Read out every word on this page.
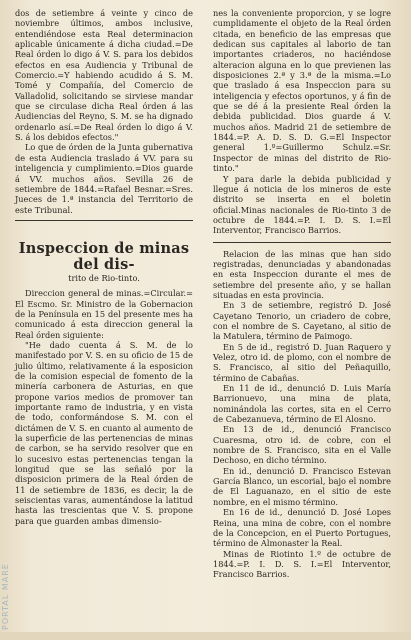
dos de setiembre á veinte y cinco de noviembre últimos, ambos inclusive, entendiéndose esta Real determinacion aplicable únicamente á dicha ciudad.=De Real órden lo digo á V. S. para los debidos efectos en esa Audiencia y Tribunal de Comercio.=Y habiendo acudido á S. M. Tomé y Compañía, del Comercio de Valladolid, solicitando se sirviese mandar que se circulase dicha Real órden á las Audiencias del Reyno, S. M. se ha dignado ordenarlo así.=De Real órden lo digo á V. S. á los debidos efectos."

Lo que de órden de la Junta gubernativa de esta Audiencia traslado á VV. para su inteligencia y cumplimiento.=Dios guarde á VV. muchos años. Sevilla 26 de setiembre de 1844.=Rafael Besnar.=Sres. Jueces de 1.ª instancia del Territorio de este Tribunal.

Inspeccion de minas del dis-
trito de Rio-tinto.

Direccion general de minas.=Circular.= El Escmo. Sr. Ministro de la Gobernacion de la Península en 15 del presente mes ha comunicado á esta direccion general la Real órden siguiente:

"He dado cuenta á S. M. de lo manifestado por V. S. en su oficio de 15 de julio último, relativamente á la esposicion de la comision especial de fomento de la minería carbonera de Asturias, en que propone varios medios de promover tan importante ramo de industria, y en vista de todo, conformándose S. M. con el dictámen de V. S. en cuanto al aumento de la superficie de las pertenencias de minas de carbon, se ha servido resolver que en lo sucesivo estas pertenencias tengan la longitud que se las señaló por la disposicion primera de la Real órden de 11 de setiembre de 1836, es decir, la de seiscientas varas, aumentándose la latitud hasta las trescientas que V. S. propone para que guarden ambas dimensio-

nes la conveniente proporcion, y se logre cumplidamente el objeto de la Real órden citada, en beneficio de las empresas que dedican sus capitales al laborio de tan importantes criaderos, no haciéndose alteracion alguna en lo que previenen las disposiciones 2.ª y 3.ª de la misma.=Lo que traslado á esa Inspeccion para su inteligencia y efectos oportunos, y á fin de que se dé á la presiente Real órden la debida publicidad. Dios guarde á V. muchos años. Madrid 21 de setiembre de 1844.=P. A. D. S. D. G.=El Inspector general 1.º=Guillermo Schulz.=Sr. Inspector de minas del distrito de Rio-tinto."

Y para darle la debida publicidad y llegue á noticia de los mineros de este distrito se inserta en el boletin oficial.Minas nacionales de Rio-tinto 3 de octubre de 1844.=P. I. D. S. I.=El Interventor, Francisco Barrios.

Relacion de las minas que han sido registradas, denunciadas y abandonadas en esta Inspeccion durante el mes de setiembre del presente año, y se hallan situadas en esta provincia.

En 3 de setiembre, registró D. José Cayetano Tenorio, un criadero de cobre, con el nombre de S. Cayetano, al sitio de la Matulera, término de Paimogo.

En 5 de id., registró D. Juan Raquero y Velez, otro id. de plomo, con el nombre de S. Francisco, al sitio del Peñaquillo, término de Cabañas.

En 11 de id., denunció D. Luis María Barrionuevo, una mina de plata, nominándola las cortes, sita en el Cerro de Cabezanueva, término de El Alosno.

En 13 de id., denunció Francisco Cuaresma, otro id. de cobre, con el nombre de S. Francisco, sita en el Valle Dechoso, en dicho término.

En id., denunció D. Francisco Estevan García Blanco, un escorial, bajo el nombre de El Laguanazo, en el sitio de este nombre, en el mismo término.

En 16 de id., denunció D. José Lopes Reina, una mina de cobre, con el nombre de la Concepcion, en el Puerto Portugues, término de Almonaster la Real.

Minas de Riotinto 1.º de octubre de 1844.=P. I. D. S. I.=El Interventor, Francisco Barrios.

PORTAL MARE
